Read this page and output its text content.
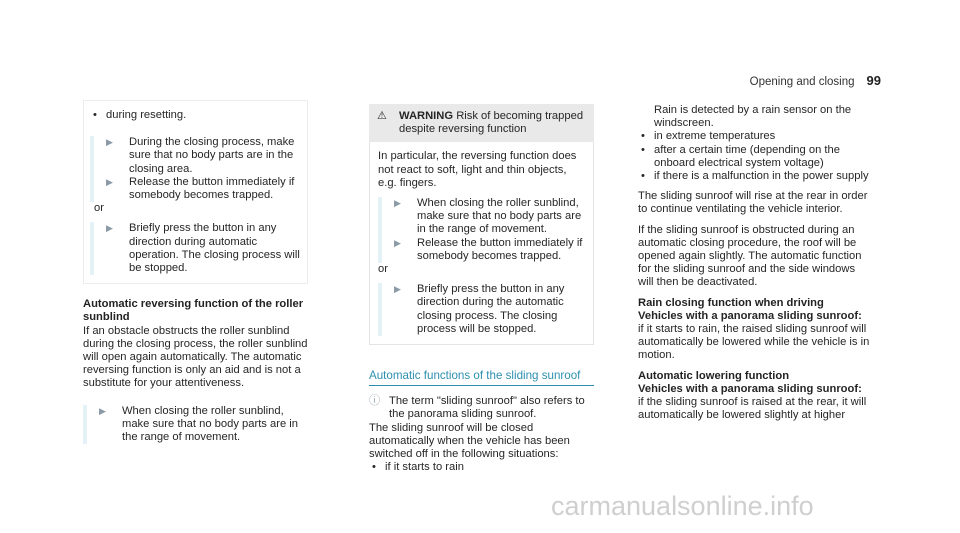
Opening and closing 99
• during resetting.
▶	During the closing process, make sure that no body parts are in the closing area.
▶	Release the button immediately if somebody becomes trapped.

or

▶	Briefly press the button in any direction during automatic operation. The closing process will be stopped.

Automatic reversing function of the roller sunblind

If an obstacle obstructs the roller sunblind during the closing process, the roller sunblind will open again automatically. The automatic reversing function is only an aid and is not a substitute for your attentiveness.

▶	When closing the roller sunblind, make sure that no body parts are in the range of movement.
⚠	WARNING Risk of becoming trapped despite reversing function

In particular, the reversing function does not react to soft, light and thin objects, e.g. fingers.

▶	When closing the roller sunblind, make sure that no body parts are in the range of movement.
▶	Release the button immediately if somebody becomes trapped.

or

▶	Briefly press the button in any direction during the automatic closing process. The closing process will be stopped.

Automatic functions of the sliding sunroof

ⓘ The term "sliding sunroof" also refers to the panorama sliding sunroof.

The sliding sunroof will be closed automatically when the vehicle has been switched off in the following situations:

• if it starts to rain

Rain is detected by a rain sensor on the windscreen.

• in extreme temperatures
• after a certain time (depending on the onboard electrical system voltage)
• if there is a malfunction in the power supply

The sliding sunroof will rise at the rear in order to continue ventilating the vehicle interior.

If the sliding sunroof is obstructed during an automatic closing procedure, the roof will be opened again slightly. The automatic function for the sliding sunroof and the side windows will then be deactivated.

Rain closing function when driving

Vehicles with a panorama sliding sunroof: if it starts to rain, the raised sliding sunroof will automatically be lowered while the vehicle is in motion.

Automatic lowering function

Vehicles with a panorama sliding sunroof: if the sliding sunroof is raised at the rear, it will automatically be lowered slightly at higher

carmanualsonline.info
